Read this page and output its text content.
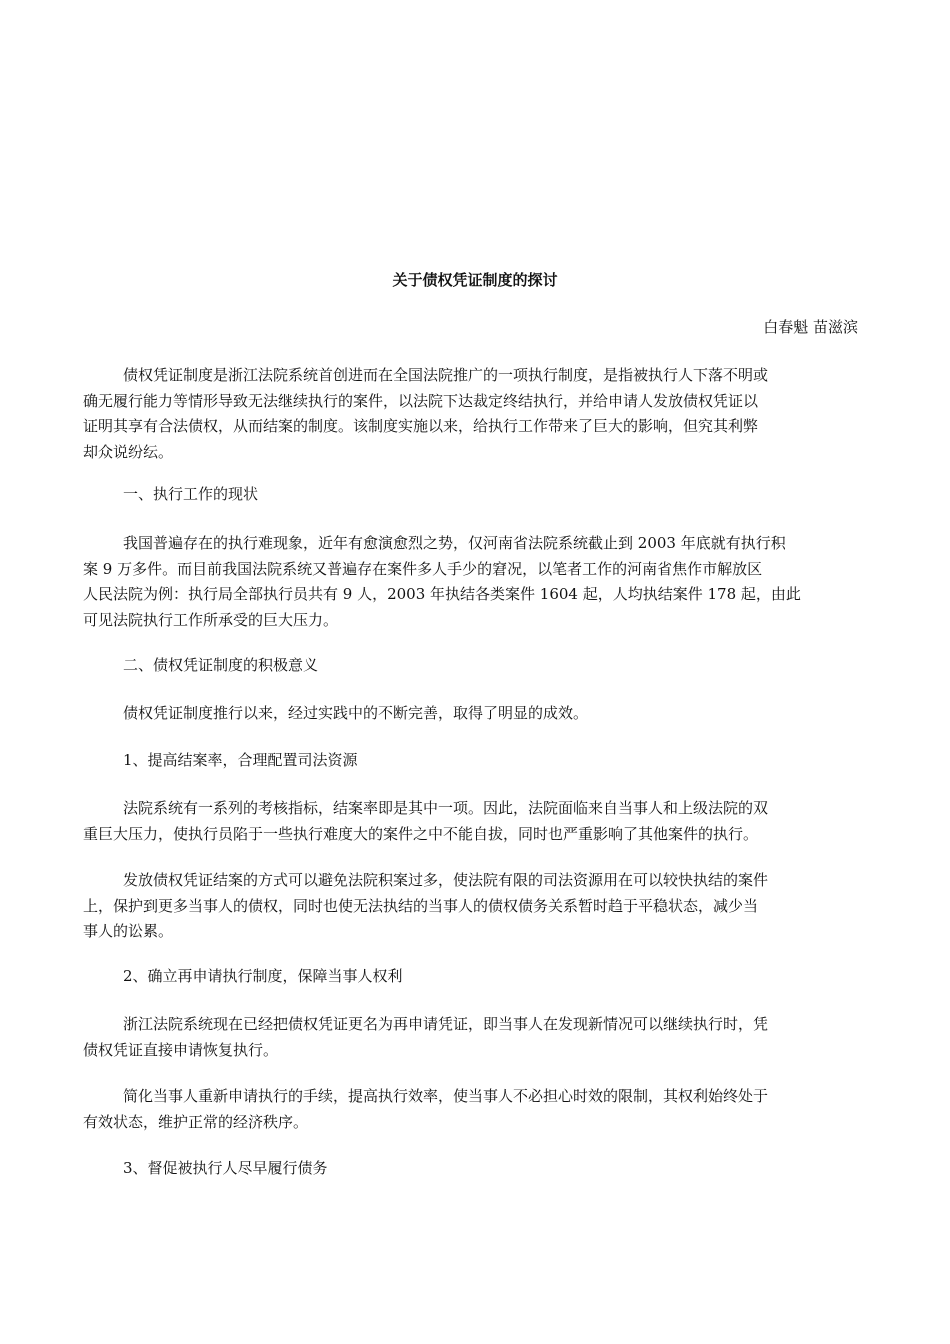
关于债权凭证制度的探讨

白春魁 苗滋滨

债权凭证制度是浙江法院系统首创进而在全国法院推广的一项执行制度，是指被执行人下落不明或
确无履行能力等情形导致无法继续执行的案件，以法院下达裁定终结执行，并给申请人发放债权凭证以
证明其享有合法债权，从而结案的制度。该制度实施以来，给执行工作带来了巨大的影响，但究其利弊
却众说纷纭。

一、执行工作的现状

我国普遍存在的执行难现象，近年有愈演愈烈之势，仅河南省法院系统截止到 2003 年底就有执行积
案 9 万多件。而目前我国法院系统又普遍存在案件多人手少的窘况，以笔者工作的河南省焦作市解放区
人民法院为例：执行局全部执行员共有 9 人，2003 年执结各类案件 1604 起，人均执结案件 178 起，由此
可见法院执行工作所承受的巨大压力。

二、债权凭证制度的积极意义

债权凭证制度推行以来，经过实践中的不断完善，取得了明显的成效。

1、提高结案率，合理配置司法资源

法院系统有一系列的考核指标，结案率即是其中一项。因此，法院面临来自当事人和上级法院的双
重巨大压力，使执行员陷于一些执行难度大的案件之中不能自拔，同时也严重影响了其他案件的执行。

发放债权凭证结案的方式可以避免法院积案过多，使法院有限的司法资源用在可以较快执结的案件
上，保护到更多当事人的债权，同时也使无法执结的当事人的债权债务关系暂时趋于平稳状态，减少当
事人的讼累。

2、确立再申请执行制度，保障当事人权利

浙江法院系统现在已经把债权凭证更名为再申请凭证，即当事人在发现新情况可以继续执行时，凭
债权凭证直接申请恢复执行。

简化当事人重新申请执行的手续，提高执行效率，使当事人不必担心时效的限制，其权利始终处于
有效状态，维护正常的经济秩序。

3、督促被执行人尽早履行债务
